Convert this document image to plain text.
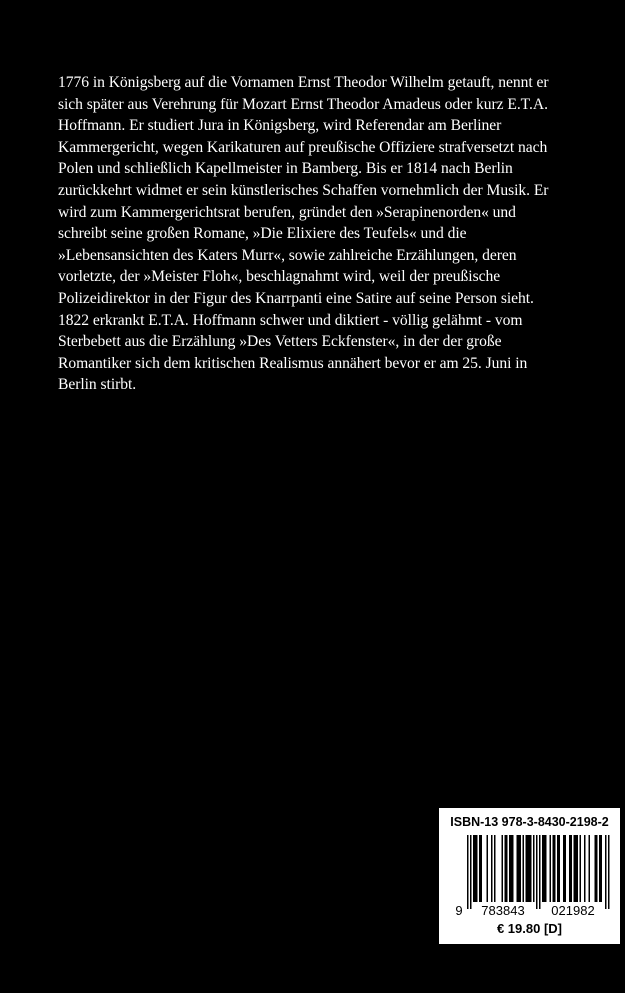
1776 in Königsberg auf die Vornamen Ernst Theodor Wilhelm getauft, nennt er
sich später aus Verehrung für Mozart Ernst Theodor Amadeus oder kurz E.T.A.
Hoffmann. Er studiert Jura in Königsberg, wird Referendar am Berliner
Kammergericht, wegen Karikaturen auf preußische Offiziere strafversetzt nach
Polen und schließlich Kapellmeister in Bamberg. Bis er 1814 nach Berlin
zurückkehrt widmet er sein künstlerisches Schaffen vornehmlich der Musik. Er
wird zum Kammergerichtsrat berufen, gründet den »Serapinenorden« und
schreibt seine großen Romane, »Die Elixiere des Teufels« und die
»Lebensansichten des Katers Murr«, sowie zahlreiche Erzählungen, deren
vorletzte, der »Meister Floh«, beschlagnahmt wird, weil der preußische
Polizeidirektor in der Figur des Knarrpanti eine Satire auf seine Person sieht.
1822 erkrankt E.T.A. Hoffmann schwer und diktiert - völlig gelähmt - vom
Sterbebett aus die Erzählung »Des Vetters Eckfenster«, in der der große
Romantiker sich dem kritischen Realismus annähert bevor er am 25. Juni in
Berlin stirbt.
ISBN-13 978-3-8430-2198-2
9 783843 021982
€ 19.80 [D]
